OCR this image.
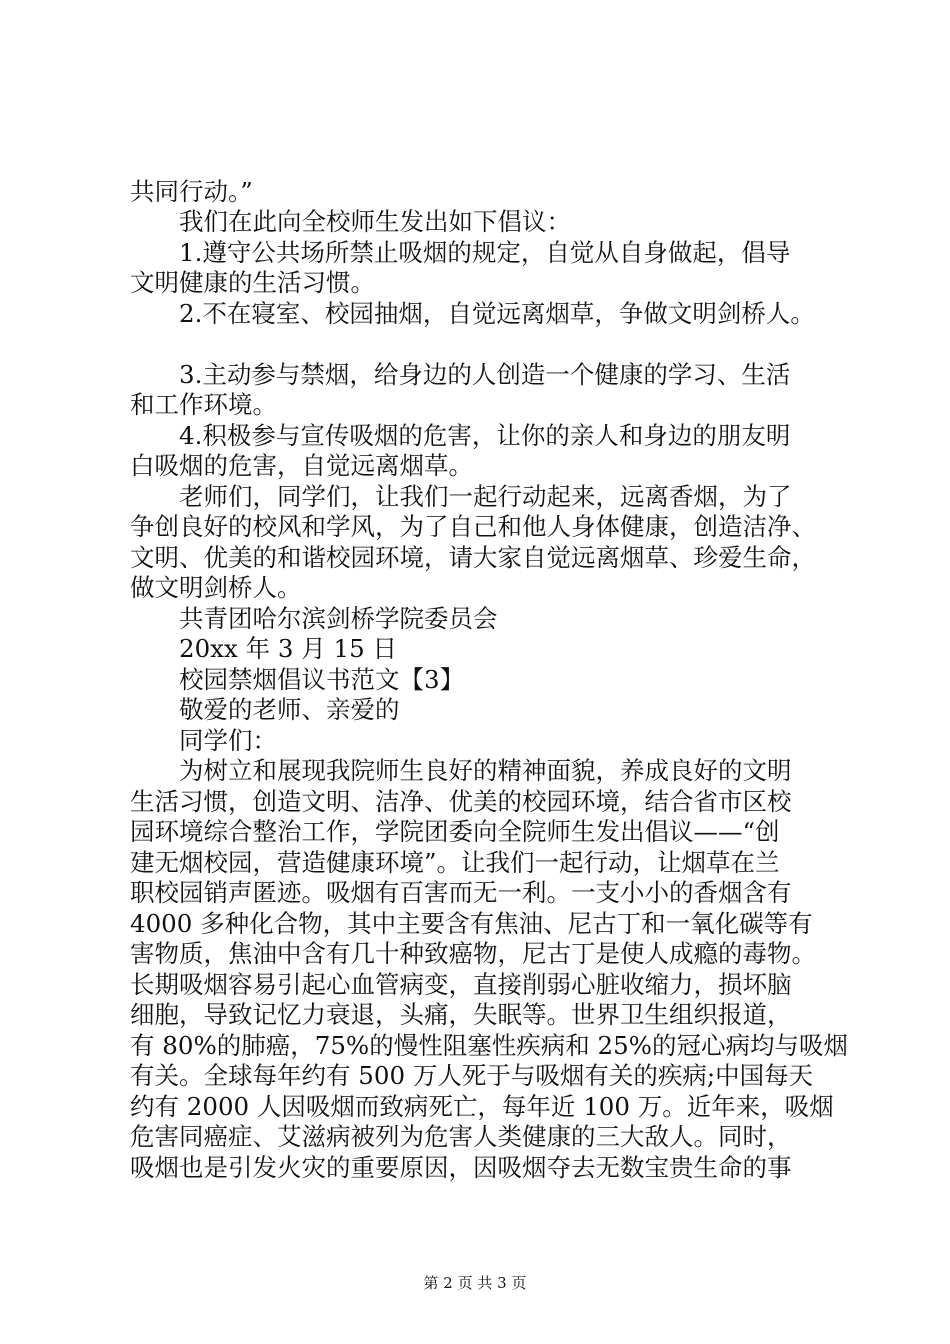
共同行动。”
我们在此向全校师生发出如下倡议：
1.遵守公共场所禁止吸烟的规定，自觉从自身做起，倡导
文明健康的生活习惯。
2.不在寝室、校园抽烟，自觉远离烟草，争做文明剑桥人。
3.主动参与禁烟，给身边的人创造一个健康的学习、生活
和工作环境。
4.积极参与宣传吸烟的危害，让你的亲人和身边的朋友明
白吸烟的危害，自觉远离烟草。
老师们，同学们，让我们一起行动起来，远离香烟，为了
争创良好的校风和学风，为了自己和他人身体健康，创造洁净、
文明、优美的和谐校园环境，请大家自觉远离烟草、珍爱生命，
做文明剑桥人。
共青团哈尔滨剑桥学院委员会
20xx 年 3 月 15 日
校园禁烟倡议书范文【3】
敬爱的老师、亲爱的
同学们：
为树立和展现我院师生良好的精神面貌，养成良好的文明
生活习惯，创造文明、洁净、优美的校园环境，结合省市区校
园环境综合整治工作，学院团委向全院师生发出倡议——“创
建无烟校园，营造健康环境”。让我们一起行动，让烟草在兰
职校园销声匿迹。吸烟有百害而无一利。一支小小的香烟含有
4000 多种化合物，其中主要含有焦油、尼古丁和一氧化碳等有
害物质，焦油中含有几十种致癌物，尼古丁是使人成瘾的毒物。
长期吸烟容易引起心血管病变，直接削弱心脏收缩力，损坏脑
细胞，导致记忆力衰退，头痛，失眠等。世界卫生组织报道，
有 80%的肺癌，75%的慢性阻塞性疾病和 25%的冠心病均与吸烟
有关。全球每年约有 500 万人死于与吸烟有关的疾病;中国每天
约有 2000 人因吸烟而致病死亡，每年近 100 万。近年来，吸烟
危害同癌症、艾滋病被列为危害人类健康的三大敌人。同时，
吸烟也是引发火灾的重要原因，因吸烟夺去无数宝贵生命的事
第 2 页 共 3 页
